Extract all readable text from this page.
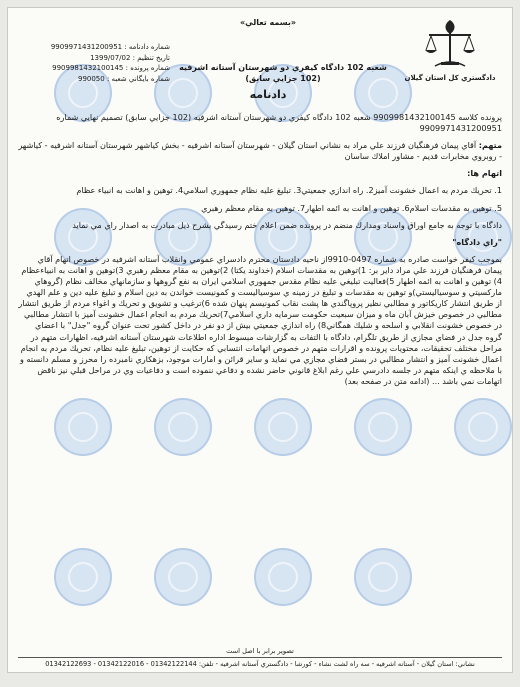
«بسمه تعالي»
دادگستري كل استان گيلان
شماره دادنامه : 9909971431200951
تاريخ تنظيم : 1399/07/02
شماره پرونده : 9909981432100145
شماره بايگاني شعبه : 990050
شعبه 102 دادگاه كيفري دو شهرستان آستانه اشرفيه (102 جزايي سابق)
دادنامه

پرونده كلاسه 9909981432100145 شعبه 102 دادگاه كيفري دو شهرستان آستانه اشرفيه (102 جزايي سابق) تصميم نهايي شماره 9909971431200951

متهم: آقاي پيمان فرهنگيان فرزند علي مراد به نشاني استان گيلان - شهرستان آستانه اشرفيه - بخش كياشهر شهرستان آستانه اشرفيه - كياشهر - روبروي مخابرات قديم - مشاور املاك ساسان

اتهام ها:

1. تحريك مردم به اعمال خشونت آميز2. راه اندازي جمعيتي3. تبليغ عليه نظام جمهوري اسلامي4. توهين و اهانت به انبياء عظام

5. توهين به مقدسات اسلام6. توهين و اهانت به ائمه اطهار7. توهين به مقام معظم رهبري

دادگاه با توجه به جامع اوراق واسناد ومدارك منضم در پرونده ضمن اعلام ختم رسيدگي بشرح ذيل مبادرت به اصدار راي مي نمايد

"راي دادگاه"

بموجب كيفر خواست صادره به شماره 0497-9910از ناحيه دادستان محترم دادسراي عمومي وانقلاب آستانه اشرفيه در خصوص اتهام آقاي پيمان فرهنگيان فرزند علي مراد داير بر: 1)توهين به مقدسات اسلام (خداوند يكتا) 2)توهين به مقام معظم رهبري 3)توهين و اهانت به انبياءعظام 4) توهين و اهانت به ائمه اطهار 5)فعاليت تبليغي عليه نظام مقدس جمهوري اسلامي ايران به نفع گروهها و سازمانهاي مخالف نظام (گروهاي ماركسيتي و سوسياليستي)و توهين به مقدسات و تبليغ در زمينه ي سوسياليست و كمونيست خواندن به دين اسلام و تبليغ عليه دين و علم الهدي از طريق انتشار كاريكاتور و مطالبي نظير پروپاگندي ها پشت نقاب كمونيسم پنهان شده 6)ترغيب و تشويق و تحريك و اغواء مردم از طريق انتشار مطالبي در خصوص خيزش آبان ماه و ميزان سبعيت حكومت سرمايه داري اسلامي7)تحريك مردم به انجام اعمال خشونت آميز با انتشار مطالبي در خصوص خشونت انقلابي و اسلحه و شليك همگاني8) راه اندازي جمعيتي بيش از دو نفر در داخل كشور تحت عنوان گروه "جدل" با اعضاي گروه جدل در فضاي مجازي از طريق تلگرام، دادگاه با التفات به گزارشات مبسوط اداره اطلاعات شهرستان آستانه اشرفيه، اظهارات متهم در مراحل مختلف تحقيقات، محتويات پرونده و اقرارات متهم در خصوص اتهامات انتسابي كه حكايت از توهين، تبليغ عليه نظام، تحريك مردم به انجام اعمال خشونت آميز و انتشار مطالبي در بستر فضاي مجازي مي نمايد و ساير قرائن و امارات موجود، بزهكاري نامبرده را محرز و مسلم دانسته و با ملاحظه ي اينكه متهم در جلسه دادرسي علي رغم ابلاغ قانوني حاضر نشده و دفاعي ننموده است و دفاعيات وي در مراحل قبلي نيز ناقض اتهامات نمي باشد ... (ادامه متن در صفحه بعد)

تصوير برابر با اصل است
نشاني: استان گيلان - آستانه اشرفيه - سه راه لشت نشاء - كورشا - دادگستري آستانه اشرفيه - تلفن: 01342122144 - 01342122016 - 01342122693
